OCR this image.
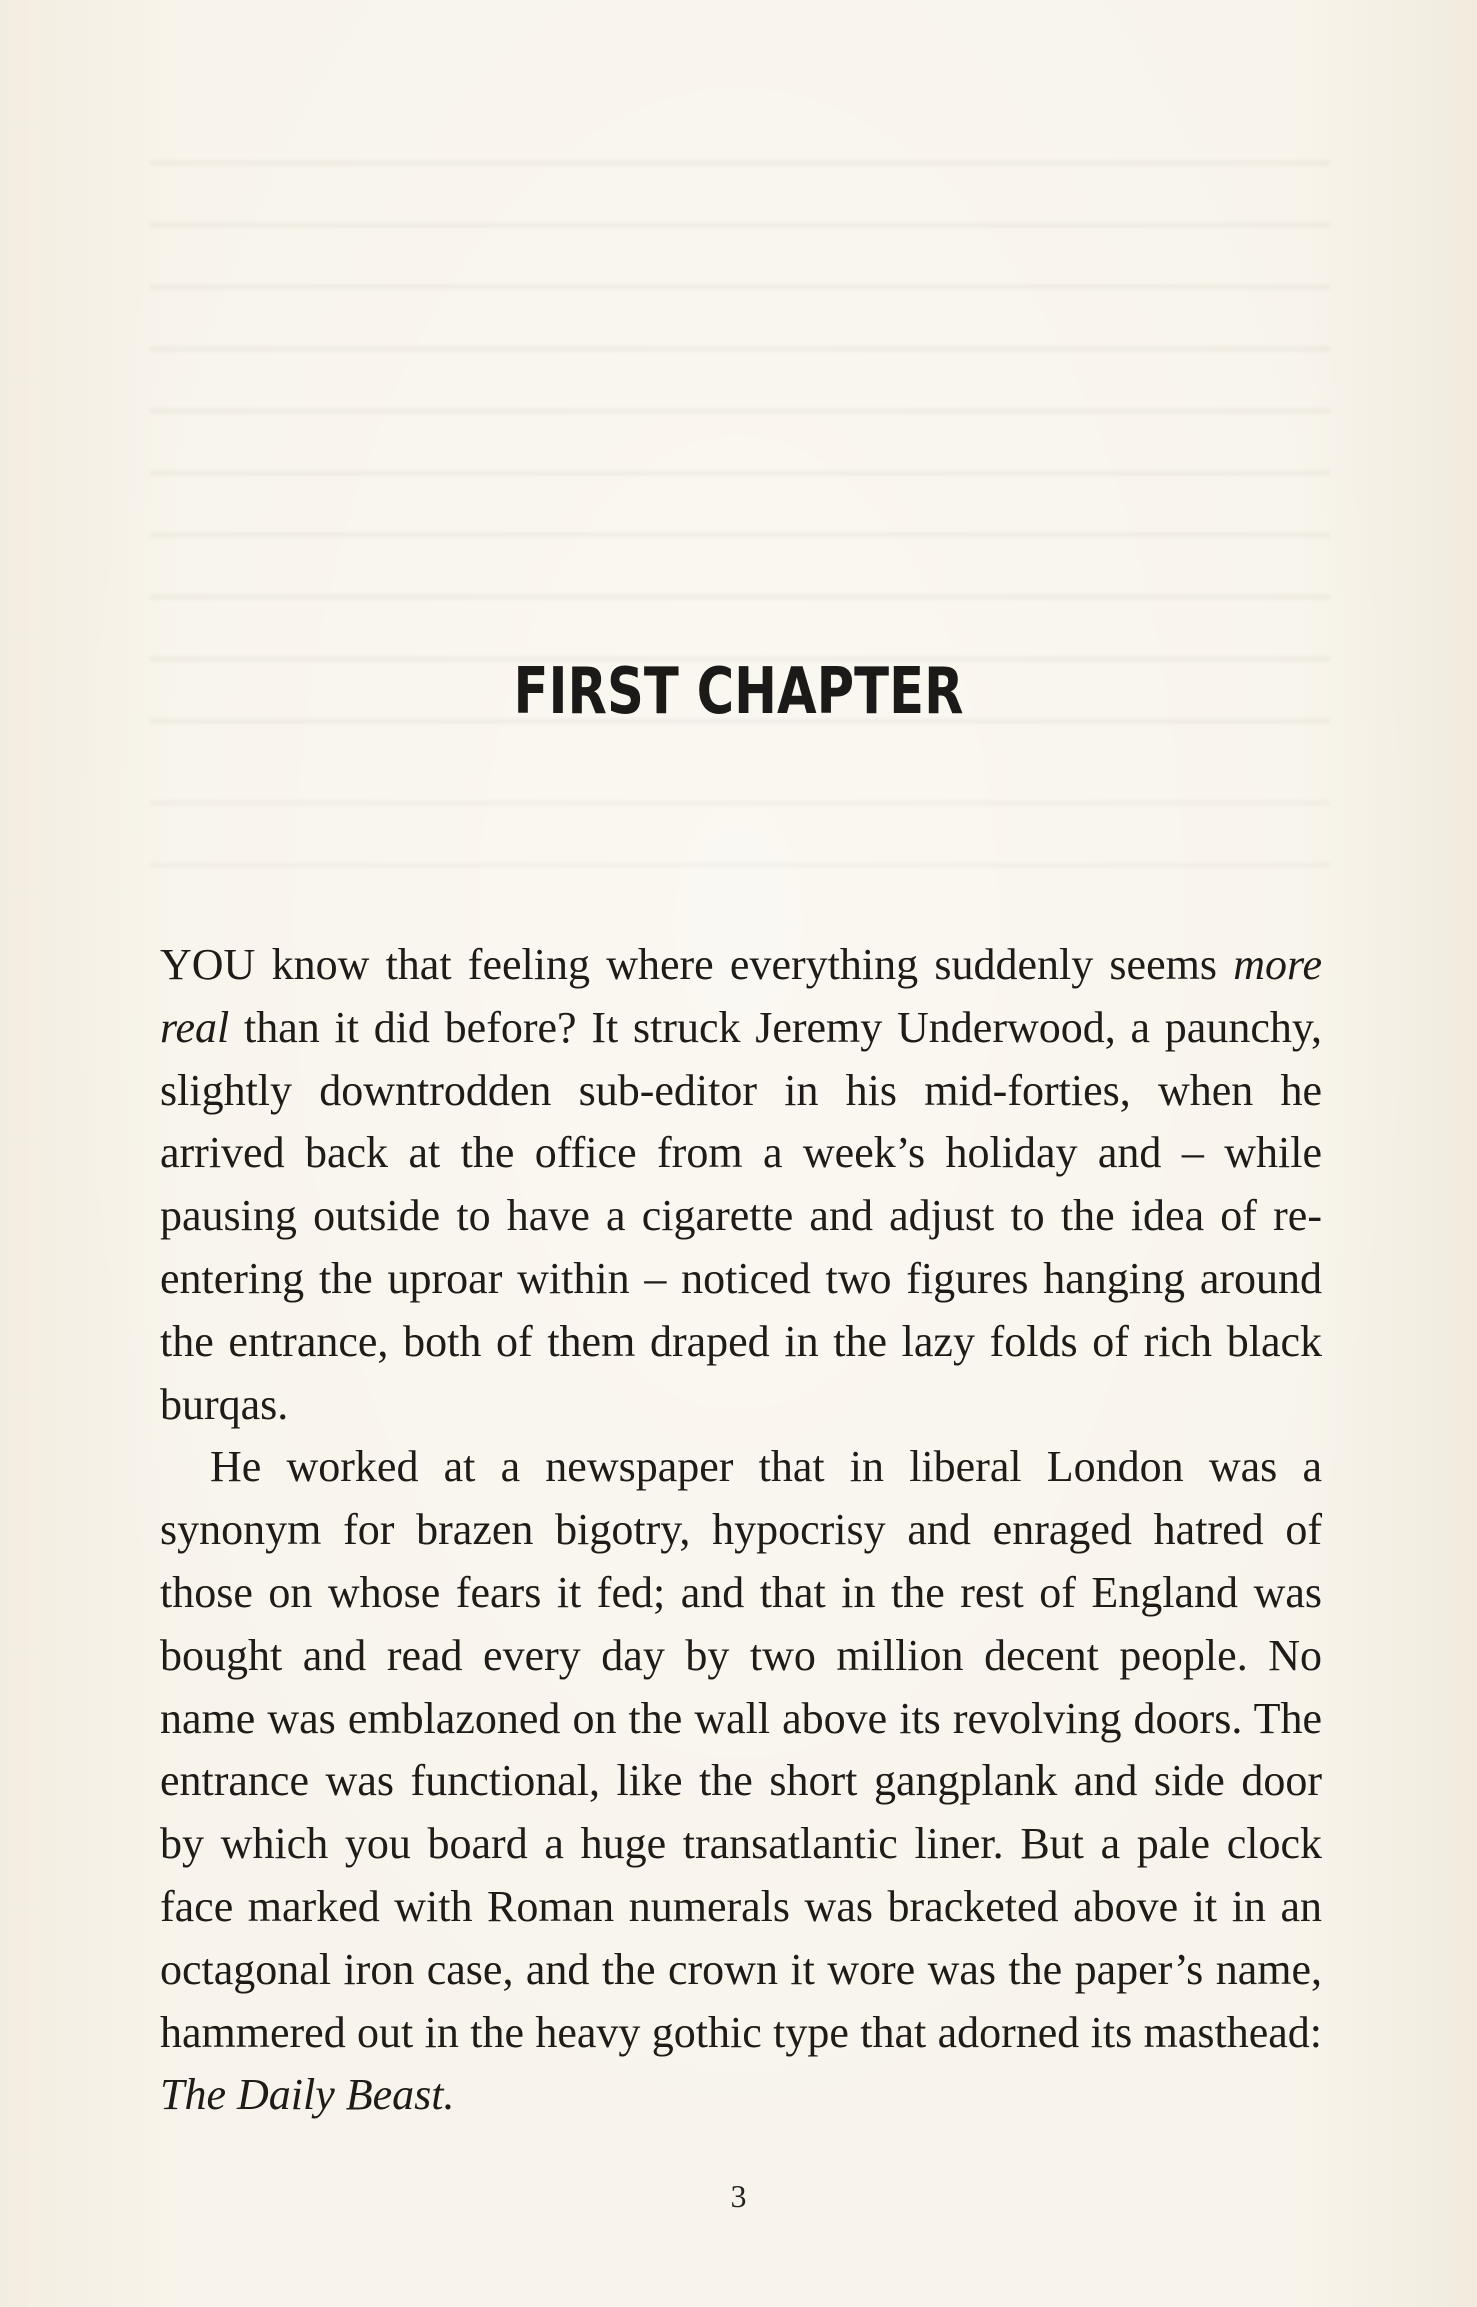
FIRST CHAPTER

YOU know that feeling where everything suddenly seems more real than it did before? It struck Jeremy Underwood, a paunchy, slightly downtrodden sub-editor in his mid-forties, when he arrived back at the office from a week’s holiday and – while pausing outside to have a cigarette and adjust to the idea of re-entering the uproar within – noticed two figures hanging around the entrance, both of them draped in the lazy folds of rich black burqas.

He worked at a newspaper that in liberal London was a synonym for brazen bigotry, hypocrisy and enraged hatred of those on whose fears it fed; and that in the rest of England was bought and read every day by two million decent people. No name was emblazoned on the wall above its revolving doors. The entrance was functional, like the short gangplank and side door by which you board a huge transatlantic liner. But a pale clock face marked with Roman numerals was bracketed above it in an octagonal iron case, and the crown it wore was the paper’s name, hammered out in the heavy gothic type that adorned its masthead: The Daily Beast.

3
